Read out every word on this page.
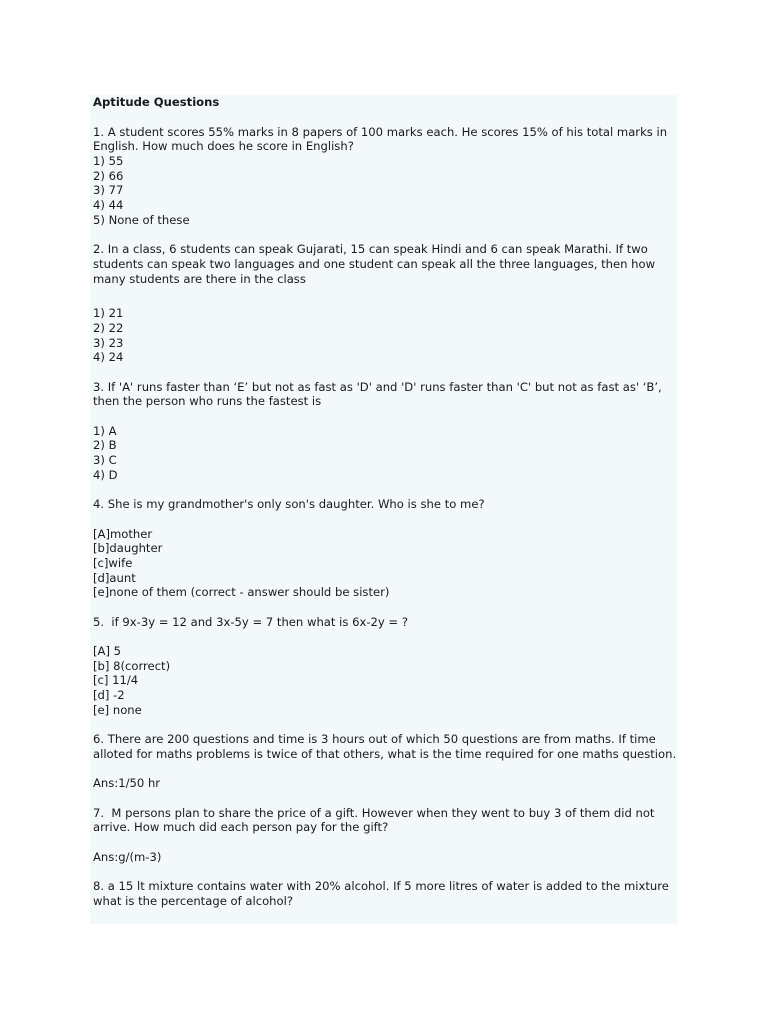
Aptitude Questions
1. A student scores 55% marks in 8 papers of 100 marks each. He scores 15% of his total marks in
English. How much does he score in English?
1) 55
2) 66
3) 77
4) 44
5) None of these
2. In a class, 6 students can speak Gujarati, 15 can speak Hindi and 6 can speak Marathi. If two
students can speak two languages and one student can speak all the three languages, then how
many students are there in the class
1) 21
2) 22
3) 23
4) 24
3. If 'A' runs faster than ‘E’ but not as fast as 'D' and 'D' runs faster than 'C' but not as fast as' ‘B’,
then the person who runs the fastest is
1) A
2) B
3) C
4) D
4. She is my grandmother's only son's daughter. Who is she to me?
[A]mother
[b]daughter
[c]wife
[d]aunt
[e]none of them (correct - answer should be sister)
5.  if 9x-3y = 12 and 3x-5y = 7 then what is 6x-2y = ?
[A] 5
[b] 8(correct)
[c] 11/4
[d] -2
[e] none
6. There are 200 questions and time is 3 hours out of which 50 questions are from maths. If time
alloted for maths problems is twice of that others, what is the time required for one maths question.
Ans:1/50 hr
7.  M persons plan to share the price of a gift. However when they went to buy 3 of them did not
arrive. How much did each person pay for the gift?
Ans:g/(m-3)
8. a 15 lt mixture contains water with 20% alcohol. If 5 more litres of water is added to the mixture
what is the percentage of alcohol?
